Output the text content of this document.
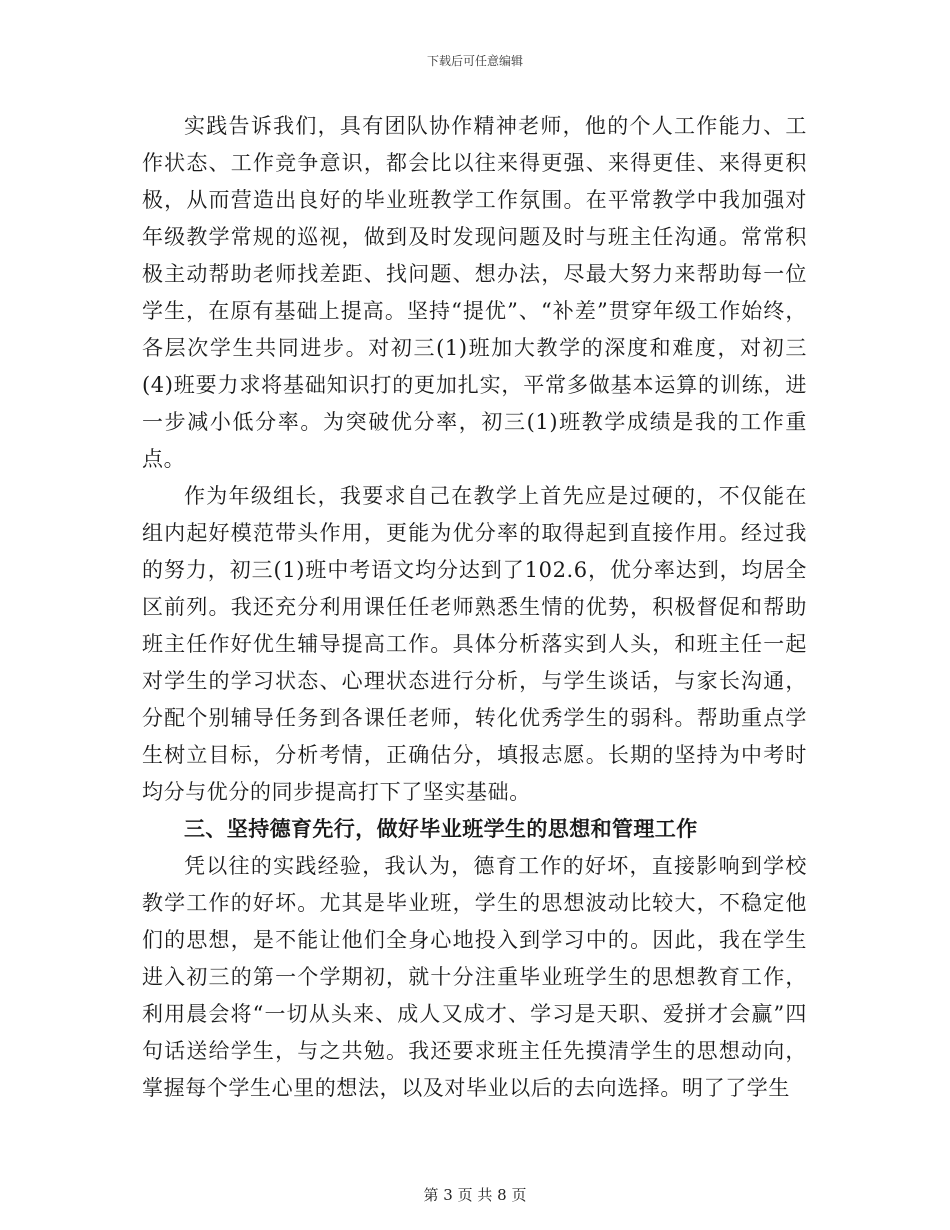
下载后可任意编辑

实践告诉我们，具有团队协作精神老师，他的个人工作能力、工作状态、工作竞争意识，都会比以往来得更强、来得更佳、来得更积极，从而营造出良好的毕业班教学工作氛围。在平常教学中我加强对年级教学常规的巡视，做到及时发现问题及时与班主任沟通。常常积极主动帮助老师找差距、找问题、想办法，尽最大努力来帮助每一位学生，在原有基础上提高。坚持“提优”、“补差”贯穿年级工作始终，各层次学生共同进步。对初三(1)班加大教学的深度和难度，对初三(4)班要力求将基础知识打的更加扎实，平常多做基本运算的训练，进一步减小低分率。为突破优分率，初三(1)班教学成绩是我的工作重点。

作为年级组长，我要求自己在教学上首先应是过硬的，不仅能在组内起好模范带头作用，更能为优分率的取得起到直接作用。经过我的努力，初三(1)班中考语文均分达到了102.6，优分率达到，均居全区前列。我还充分利用课任任老师熟悉生情的优势，积极督促和帮助班主任作好优生辅导提高工作。具体分析落实到人头，和班主任一起对学生的学习状态、心理状态进行分析，与学生谈话，与家长沟通，分配个别辅导任务到各课任老师，转化优秀学生的弱科。帮助重点学生树立目标，分析考情，正确估分，填报志愿。长期的坚持为中考时均分与优分的同步提高打下了坚实基础。

三、坚持德育先行，做好毕业班学生的思想和管理工作

凭以往的实践经验，我认为，德育工作的好坏，直接影响到学校教学工作的好坏。尤其是毕业班，学生的思想波动比较大，不稳定他们的思想，是不能让他们全身心地投入到学习中的。因此，我在学生进入初三的第一个学期初，就十分注重毕业班学生的思想教育工作，利用晨会将“一切从头来、成人又成才、学习是天职、爱拼才会赢”四句话送给学生，与之共勉。我还要求班主任先摸清学生的思想动向，掌握每个学生心里的想法，以及对毕业以后的去向选择。明了了学生

第 3 页 共 8 页
